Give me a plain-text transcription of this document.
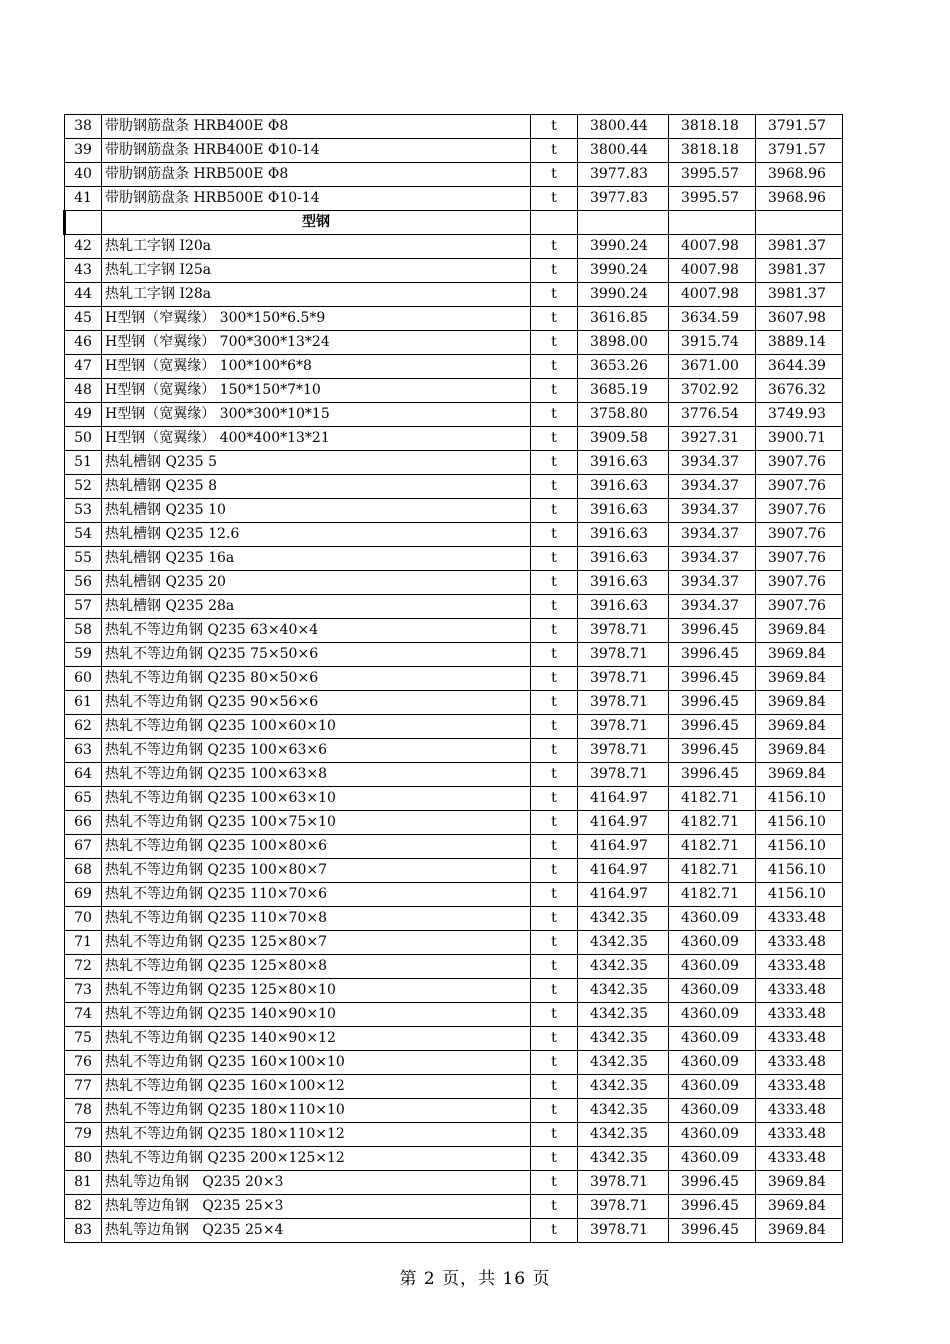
38	带肋钢筋盘条 HRB400E Φ8	t	3800.44	3818.18	3791.57
39	带肋钢筋盘条 HRB400E Φ10-14	t	3800.44	3818.18	3791.57
40	带肋钢筋盘条 HRB500E Φ8	t	3977.83	3995.57	3968.96
41	带肋钢筋盘条 HRB500E Φ10-14	t	3977.83	3995.57	3968.96
	型钢				
42	热轧工字钢 I20a	t	3990.24	4007.98	3981.37
43	热轧工字钢 I25a	t	3990.24	4007.98	3981.37
44	热轧工字钢 I28a	t	3990.24	4007.98	3981.37
45	H型钢（窄翼缘） 300*150*6.5*9	t	3616.85	3634.59	3607.98
46	H型钢（窄翼缘） 700*300*13*24	t	3898.00	3915.74	3889.14
47	H型钢（宽翼缘） 100*100*6*8	t	3653.26	3671.00	3644.39
48	H型钢（宽翼缘） 150*150*7*10	t	3685.19	3702.92	3676.32
49	H型钢（宽翼缘） 300*300*10*15	t	3758.80	3776.54	3749.93
50	H型钢（宽翼缘） 400*400*13*21	t	3909.58	3927.31	3900.71
51	热轧槽钢 Q235 5	t	3916.63	3934.37	3907.76
52	热轧槽钢 Q235 8	t	3916.63	3934.37	3907.76
53	热轧槽钢 Q235 10	t	3916.63	3934.37	3907.76
54	热轧槽钢 Q235 12.6	t	3916.63	3934.37	3907.76
55	热轧槽钢 Q235 16a	t	3916.63	3934.37	3907.76
56	热轧槽钢 Q235 20	t	3916.63	3934.37	3907.76
57	热轧槽钢 Q235 28a	t	3916.63	3934.37	3907.76
58	热轧不等边角钢 Q235 63×40×4	t	3978.71	3996.45	3969.84
59	热轧不等边角钢 Q235 75×50×6	t	3978.71	3996.45	3969.84
60	热轧不等边角钢 Q235 80×50×6	t	3978.71	3996.45	3969.84
61	热轧不等边角钢 Q235 90×56×6	t	3978.71	3996.45	3969.84
62	热轧不等边角钢 Q235 100×60×10	t	3978.71	3996.45	3969.84
63	热轧不等边角钢 Q235 100×63×6	t	3978.71	3996.45	3969.84
64	热轧不等边角钢 Q235 100×63×8	t	3978.71	3996.45	3969.84
65	热轧不等边角钢 Q235 100×63×10	t	4164.97	4182.71	4156.10
66	热轧不等边角钢 Q235 100×75×10	t	4164.97	4182.71	4156.10
67	热轧不等边角钢 Q235 100×80×6	t	4164.97	4182.71	4156.10
68	热轧不等边角钢 Q235 100×80×7	t	4164.97	4182.71	4156.10
69	热轧不等边角钢 Q235 110×70×6	t	4164.97	4182.71	4156.10
70	热轧不等边角钢 Q235 110×70×8	t	4342.35	4360.09	4333.48
71	热轧不等边角钢 Q235 125×80×7	t	4342.35	4360.09	4333.48
72	热轧不等边角钢 Q235 125×80×8	t	4342.35	4360.09	4333.48
73	热轧不等边角钢 Q235 125×80×10	t	4342.35	4360.09	4333.48
74	热轧不等边角钢 Q235 140×90×10	t	4342.35	4360.09	4333.48
75	热轧不等边角钢 Q235 140×90×12	t	4342.35	4360.09	4333.48
76	热轧不等边角钢 Q235 160×100×10	t	4342.35	4360.09	4333.48
77	热轧不等边角钢 Q235 160×100×12	t	4342.35	4360.09	4333.48
78	热轧不等边角钢 Q235 180×110×10	t	4342.35	4360.09	4333.48
79	热轧不等边角钢 Q235 180×110×12	t	4342.35	4360.09	4333.48
80	热轧不等边角钢 Q235 200×125×12	t	4342.35	4360.09	4333.48
81	热轧等边角钢   Q235 20×3	t	3978.71	3996.45	3969.84
82	热轧等边角钢   Q235 25×3	t	3978.71	3996.45	3969.84
83	热轧等边角钢   Q235 25×4	t	3978.71	3996.45	3969.84
第 2 页，共 16 页
